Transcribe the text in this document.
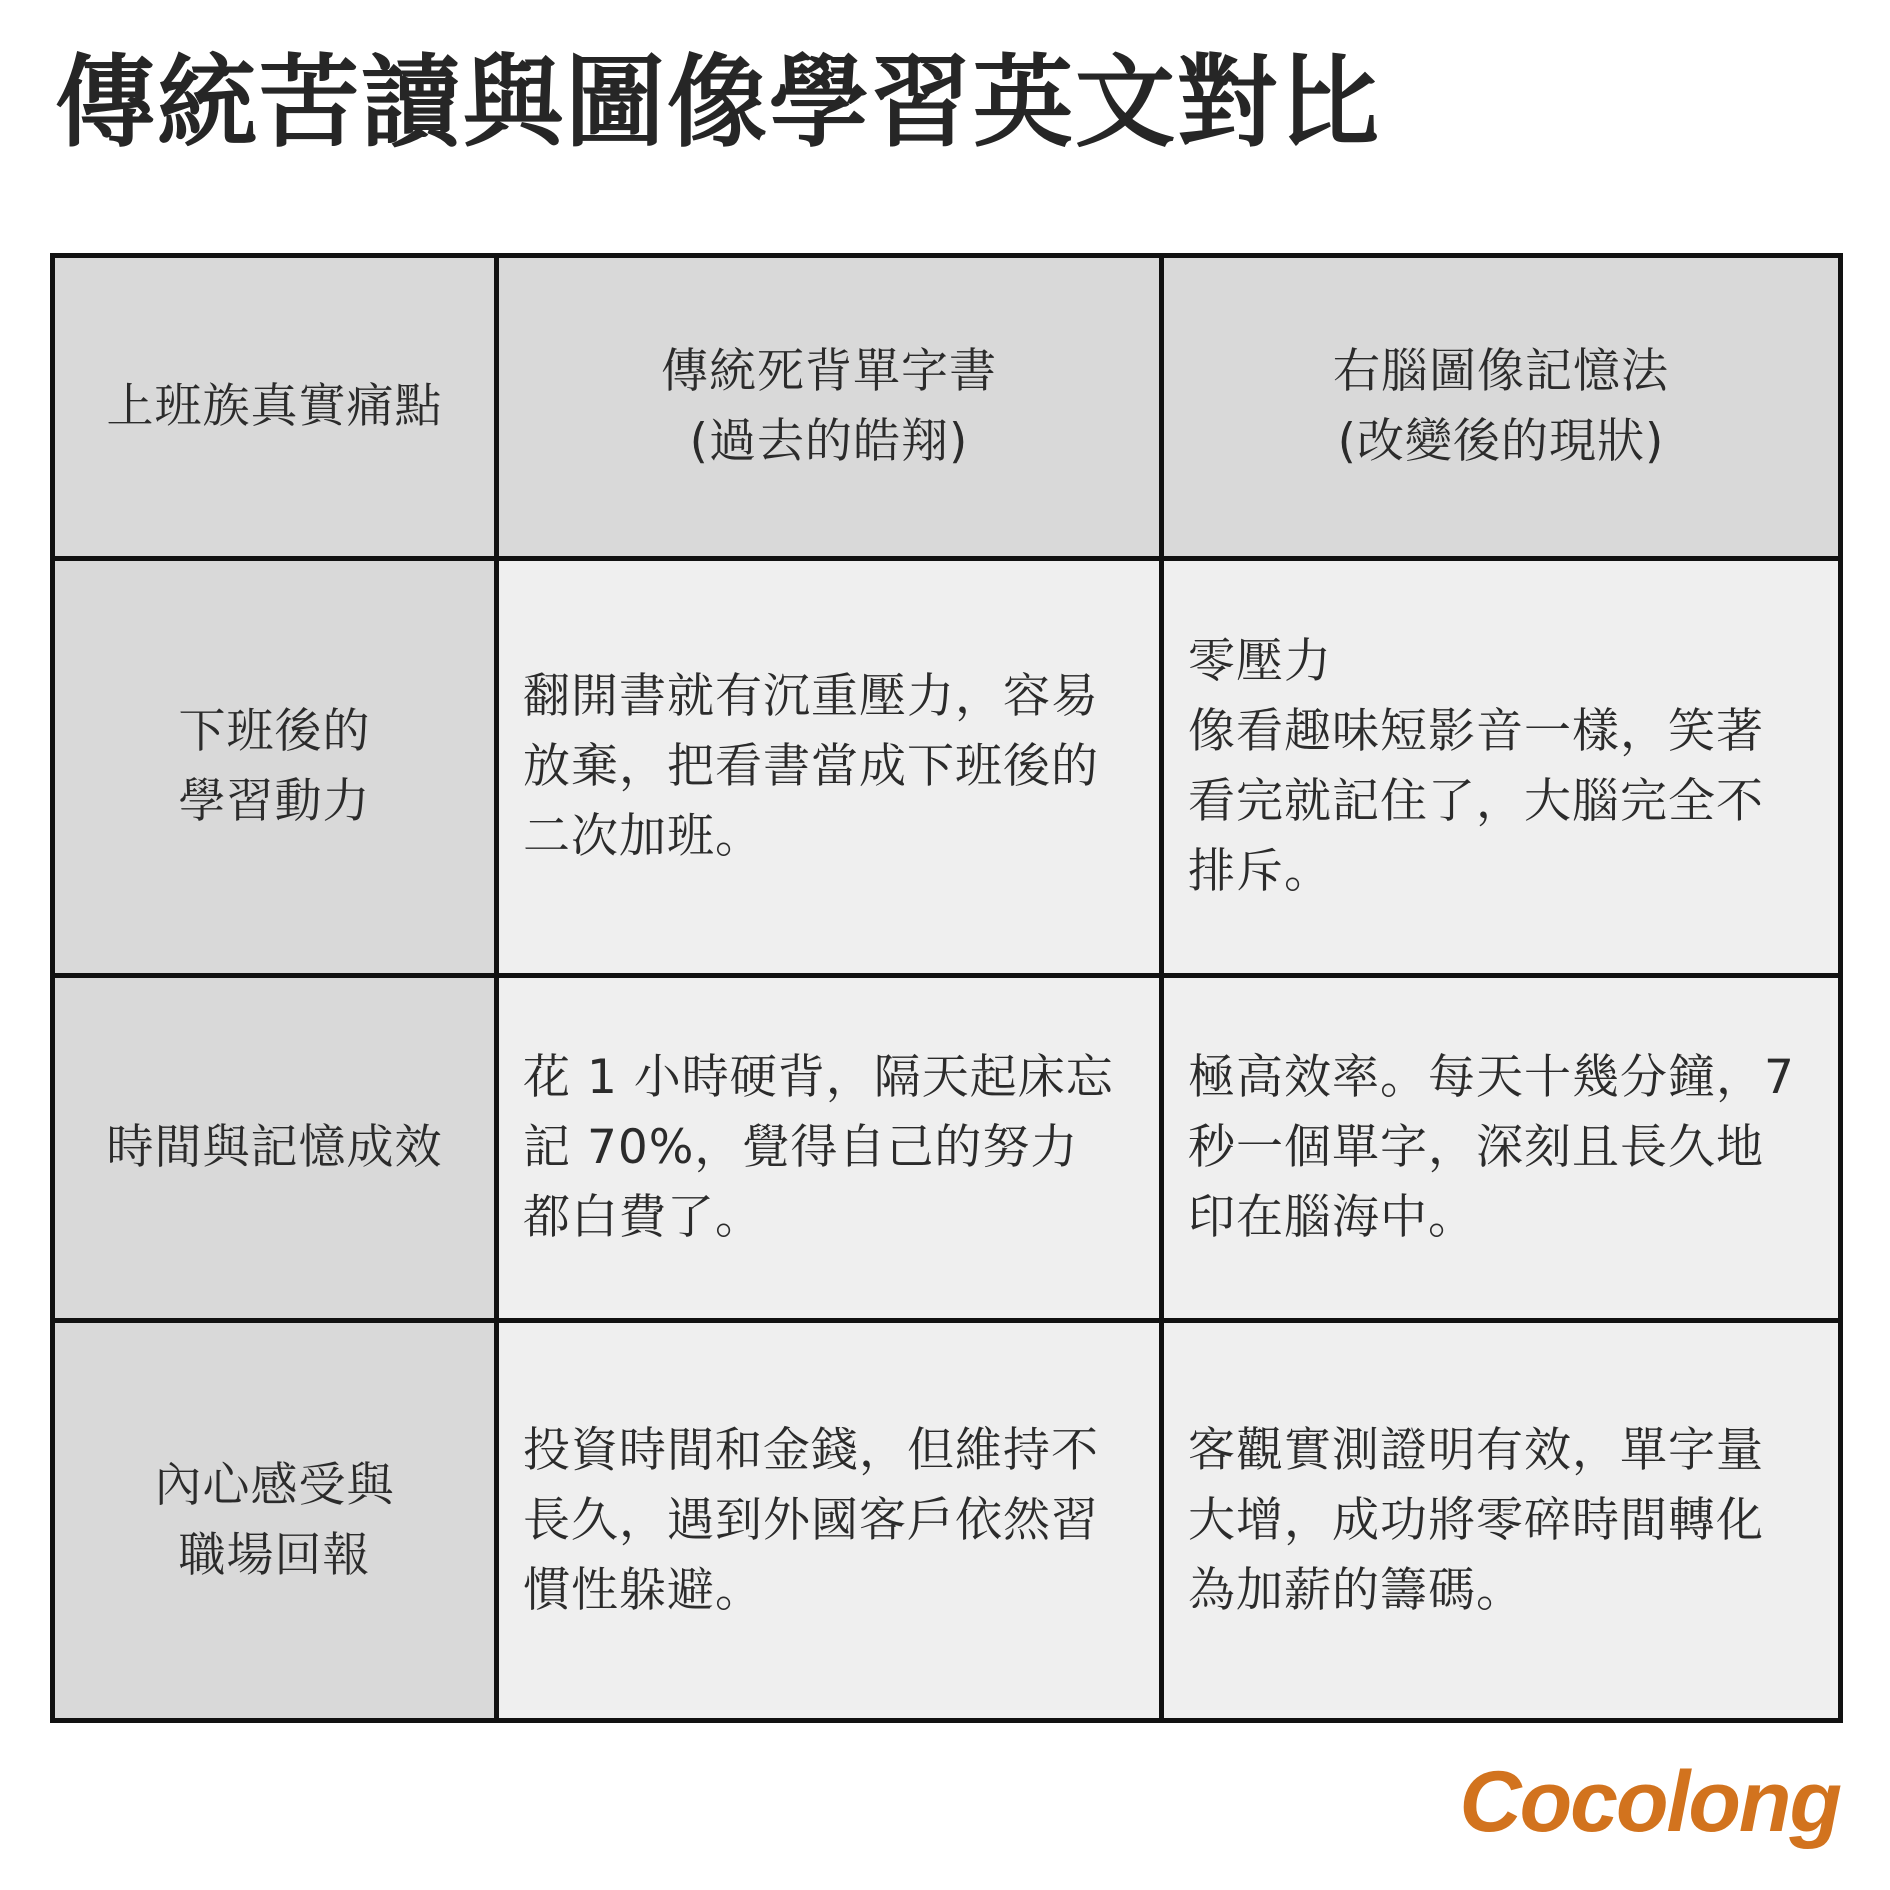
傳統苦讀與圖像學習英文對比
上班族真實痛點
傳統死背單字書
(過去的皓翔)
右腦圖像記憶法
(改變後的現狀)
下班後的
學習動力
翻開書就有沉重壓力，容易
放棄，把看書當成下班後的
二次加班。
零壓力
像看趣味短影音一樣，笑著
看完就記住了，大腦完全不
排斥。
時間與記憶成效
花 1 小時硬背，隔天起床忘
記 70%，覺得自己的努力
都白費了。
極高效率。每天十幾分鐘，7
秒一個單字，深刻且長久地
印在腦海中。
內心感受與
職場回報
投資時間和金錢，但維持不
長久，遇到外國客戶依然習
慣性躲避。
客觀實測證明有效，單字量
大增，成功將零碎時間轉化
為加薪的籌碼。
Cocolong
